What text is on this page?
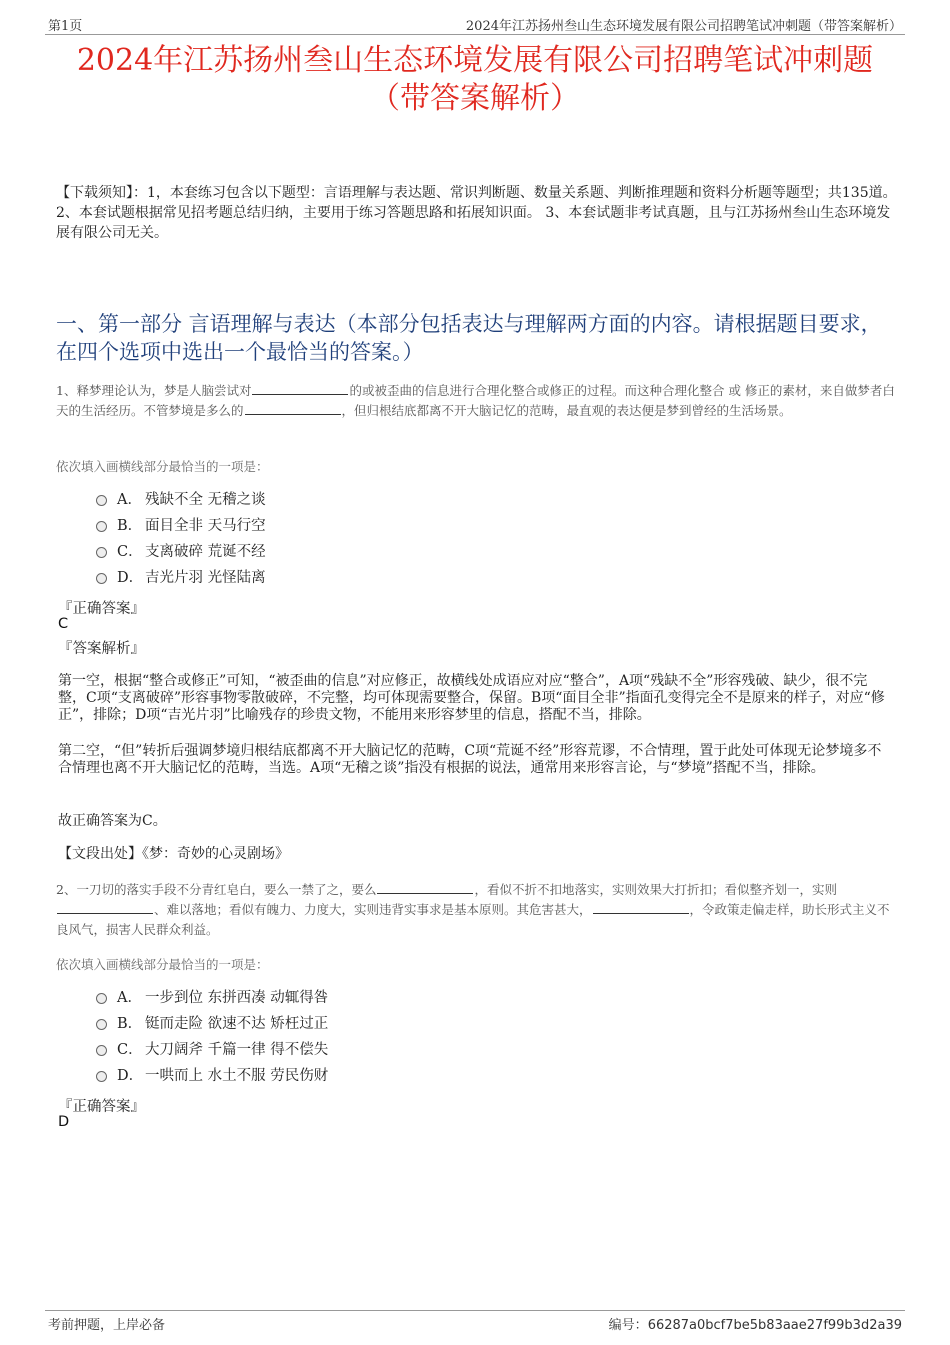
第1页	2024年江苏扬州叁山生态环境发展有限公司招聘笔试冲刺题（带答案解析）
2024年江苏扬州叁山生态环境发展有限公司招聘笔试冲刺题
（带答案解析）
【下载须知】：1，本套练习包含以下题型：言语理解与表达题、常识判断题、数量关系题、判断推理题和资料分析题等题型；共135道。 2、本套试题根据常见招考题总结归纳，主要用于练习答题思路和拓展知识面。 3、本套试题非考试真题，且与江苏扬州叁山生态环境发展有限公司无关。
一、第一部分 言语理解与表达（本部分包括表达与理解两方面的内容。请根据题目要求，在四个选项中选出一个最恰当的答案。）
1、释梦理论认为，梦是人脑尝试对	的或被歪曲的信息进行合理化整合或修正的过程。而这种合理化整合 或 修正的素材，来自做梦者白天的生活经历。不管梦境是多么的	，但归根结底都离不开大脑记忆的范畴，最直观的表达便是梦到曾经的生活场景。
依次填入画横线部分最恰当的一项是：
A． 残缺不全 无稽之谈
B． 面目全非 天马行空
C． 支离破碎 荒诞不经
D． 吉光片羽 光怪陆离
『正确答案』
C
『答案解析』
第一空，根据“整合或修正”可知，“被歪曲的信息”对应修正，故横线处成语应对应“整合”，A项“残缺不全”形容残破、缺少，很不完整，C项“支离破碎”形容事物零散破碎，不完整，均可体现需要整合，保留。B项“面目全非”指面孔变得完全不是原来的样子，对应“修正”，排除；D项“吉光片羽”比喻残存的珍贵文物，不能用来形容梦里的信息，搭配不当，排除。
第二空，“但”转折后强调梦境归根结底都离不开大脑记忆的范畴，C项“荒诞不经”形容荒谬，不合情理，置于此处可体现无论梦境多不合情理也离不开大脑记忆的范畴，当选。A项“无稽之谈”指没有根据的说法，通常用来形容言论，与“梦境”搭配不当，排除。
故正确答案为C。
【文段出处】《梦：奇妙的心灵剧场》
2、一刀切的落实手段不分青红皂白，要么一禁了之，要么	，看似不折不扣地落实，实则效果大打折扣；看似整齐划一，实则、难以落地；看似有魄力、力度大，实则违背实事求是基本原则。其危害甚大，	，令政策走偏走样，助长形式主义不良风气，损害人民群众利益。
依次填入画横线部分最恰当的一项是：
A． 一步到位 东拼西凑 动辄得咎
B． 铤而走险 欲速不达 矫枉过正
C． 大刀阔斧 千篇一律 得不偿失
D． 一哄而上 水土不服 劳民伤财
『正确答案』
D
考前押题，上岸必备	编号：66287a0bcf7be5b83aae27f99b3d2a39
